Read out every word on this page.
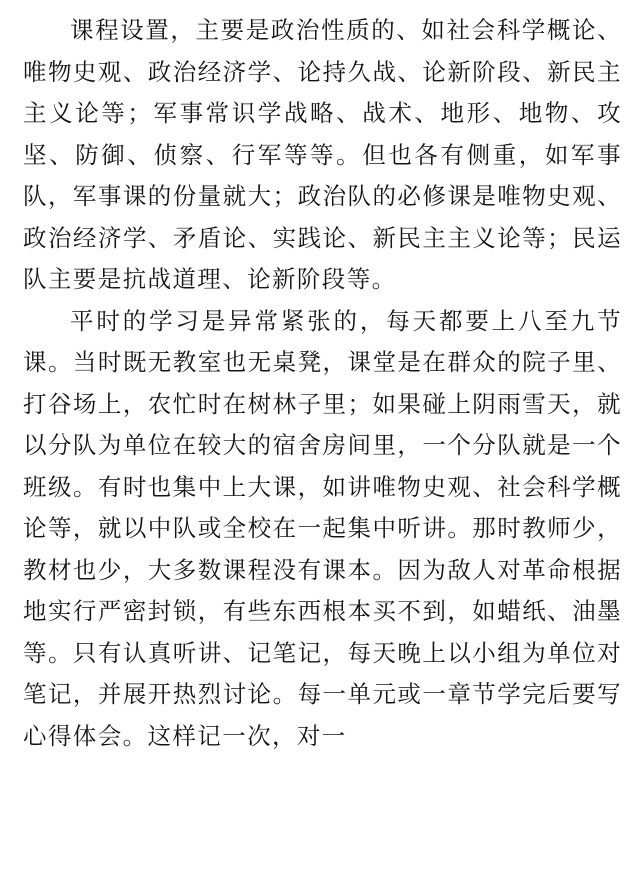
课程设置，主要是政治性质的、如社会科学概论、唯物史观、政治经济学、论持久战、论新阶段、新民主主义论等；军事常识学战略、战术、地形、地物、攻坚、防御、侦察、行军等等。但也各有侧重，如军事队，军事课的份量就大；政治队的必修课是唯物史观、政治经济学、矛盾论、实践论、新民主主义论等；民运队主要是抗战道理、论新阶段等。

平时的学习是异常紧张的，每天都要上八至九节课。当时既无教室也无桌凳，课堂是在群众的院子里、打谷场上，农忙时在树林子里；如果碰上阴雨雪天，就以分队为单位在较大的宿舍房间里，一个分队就是一个班级。有时也集中上大课，如讲唯物史观、社会科学概论等，就以中队或全校在一起集中听讲。那时教师少，教材也少，大多数课程没有课本。因为敌人对革命根据地实行严密封锁，有些东西根本买不到，如蜡纸、油墨等。只有认真听讲、记笔记，每天晚上以小组为单位对笔记，并展开热烈讨论。每一单元或一章节学完后要写心得体会。这样记一次，对一
